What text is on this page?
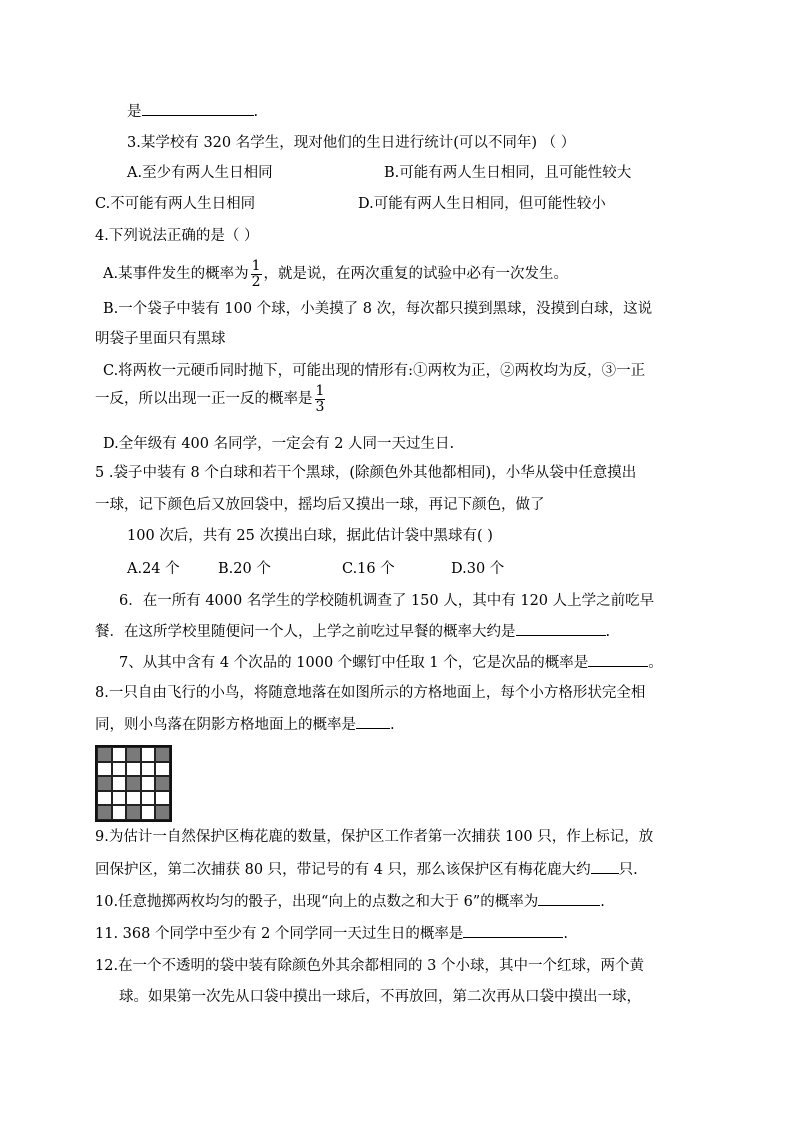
是	.
3.某学校有 320 名学生，现对他们的生日进行统计(可以不同年) （ ）
A.至少有两人生日相同	B.可能有两人生日相同，且可能性较大
C.不可能有两人生日相同	D.可能有两人生日相同，但可能性较小
4.下列说法正确的是（ ）
A.某事件发生的概率为 $\frac{1}{2}$ ，就是说，在两次重复的试验中必有一次发生。
B.一个袋子中装有 100 个球，小美摸了 8 次，每次都只摸到黑球，没摸到白球，这说
明袋子里面只有黑球
C.将两枚一元硬币同时抛下，可能出现的情形有:①两枚为正，②两枚均为反，③一正
一反，所以出现一正一反的概率是 $\frac{1}{3}$
D.全年级有 400 名同学，一定会有 2 人同一天过生日.
5 .袋子中装有 8 个白球和若干个黑球，(除颜色外其他都相同)，小华从袋中任意摸出
一球，记下颜色后又放回袋中，摇均后又摸出一球，再记下颜色，做了
100 次后，共有 25 次摸出白球，据此估计袋中黑球有( )
A.24 个	B.20 个	C.16 个	D.30 个
6．在一所有 4000 名学生的学校随机调查了 150 人，其中有 120 人上学之前吃早
餐．在这所学校里随便问一个人，上学之前吃过早餐的概率大约是	.
7、从其中含有 4 个次品的 1000 个螺钉中任取 1 个，它是次品的概率是	。
8.一只自由飞行的小鸟，将随意地落在如图所示的方格地面上，每个小方格形状完全相
同，则小鸟落在阴影方格地面上的概率是 .
9.为估计一自然保护区梅花鹿的数量，保护区工作者第一次捕获 100 只，作上标记，放
回保护区，第二次捕获 80 只，带记号的有 4 只，那么该保护区有梅花鹿大约 只.
10.任意抛掷两枚均匀的骰子，出现“向上的点数之和大于 6”的概率为	.
11. 368 个同学中至少有 2 个同学同一天过生日的概率是	.
12.在一个不透明的袋中装有除颜色外其余都相同的 3 个小球，其中一个红球，两个黄
球。如果第一次先从口袋中摸出一球后，不再放回，第二次再从口袋中摸出一球，
